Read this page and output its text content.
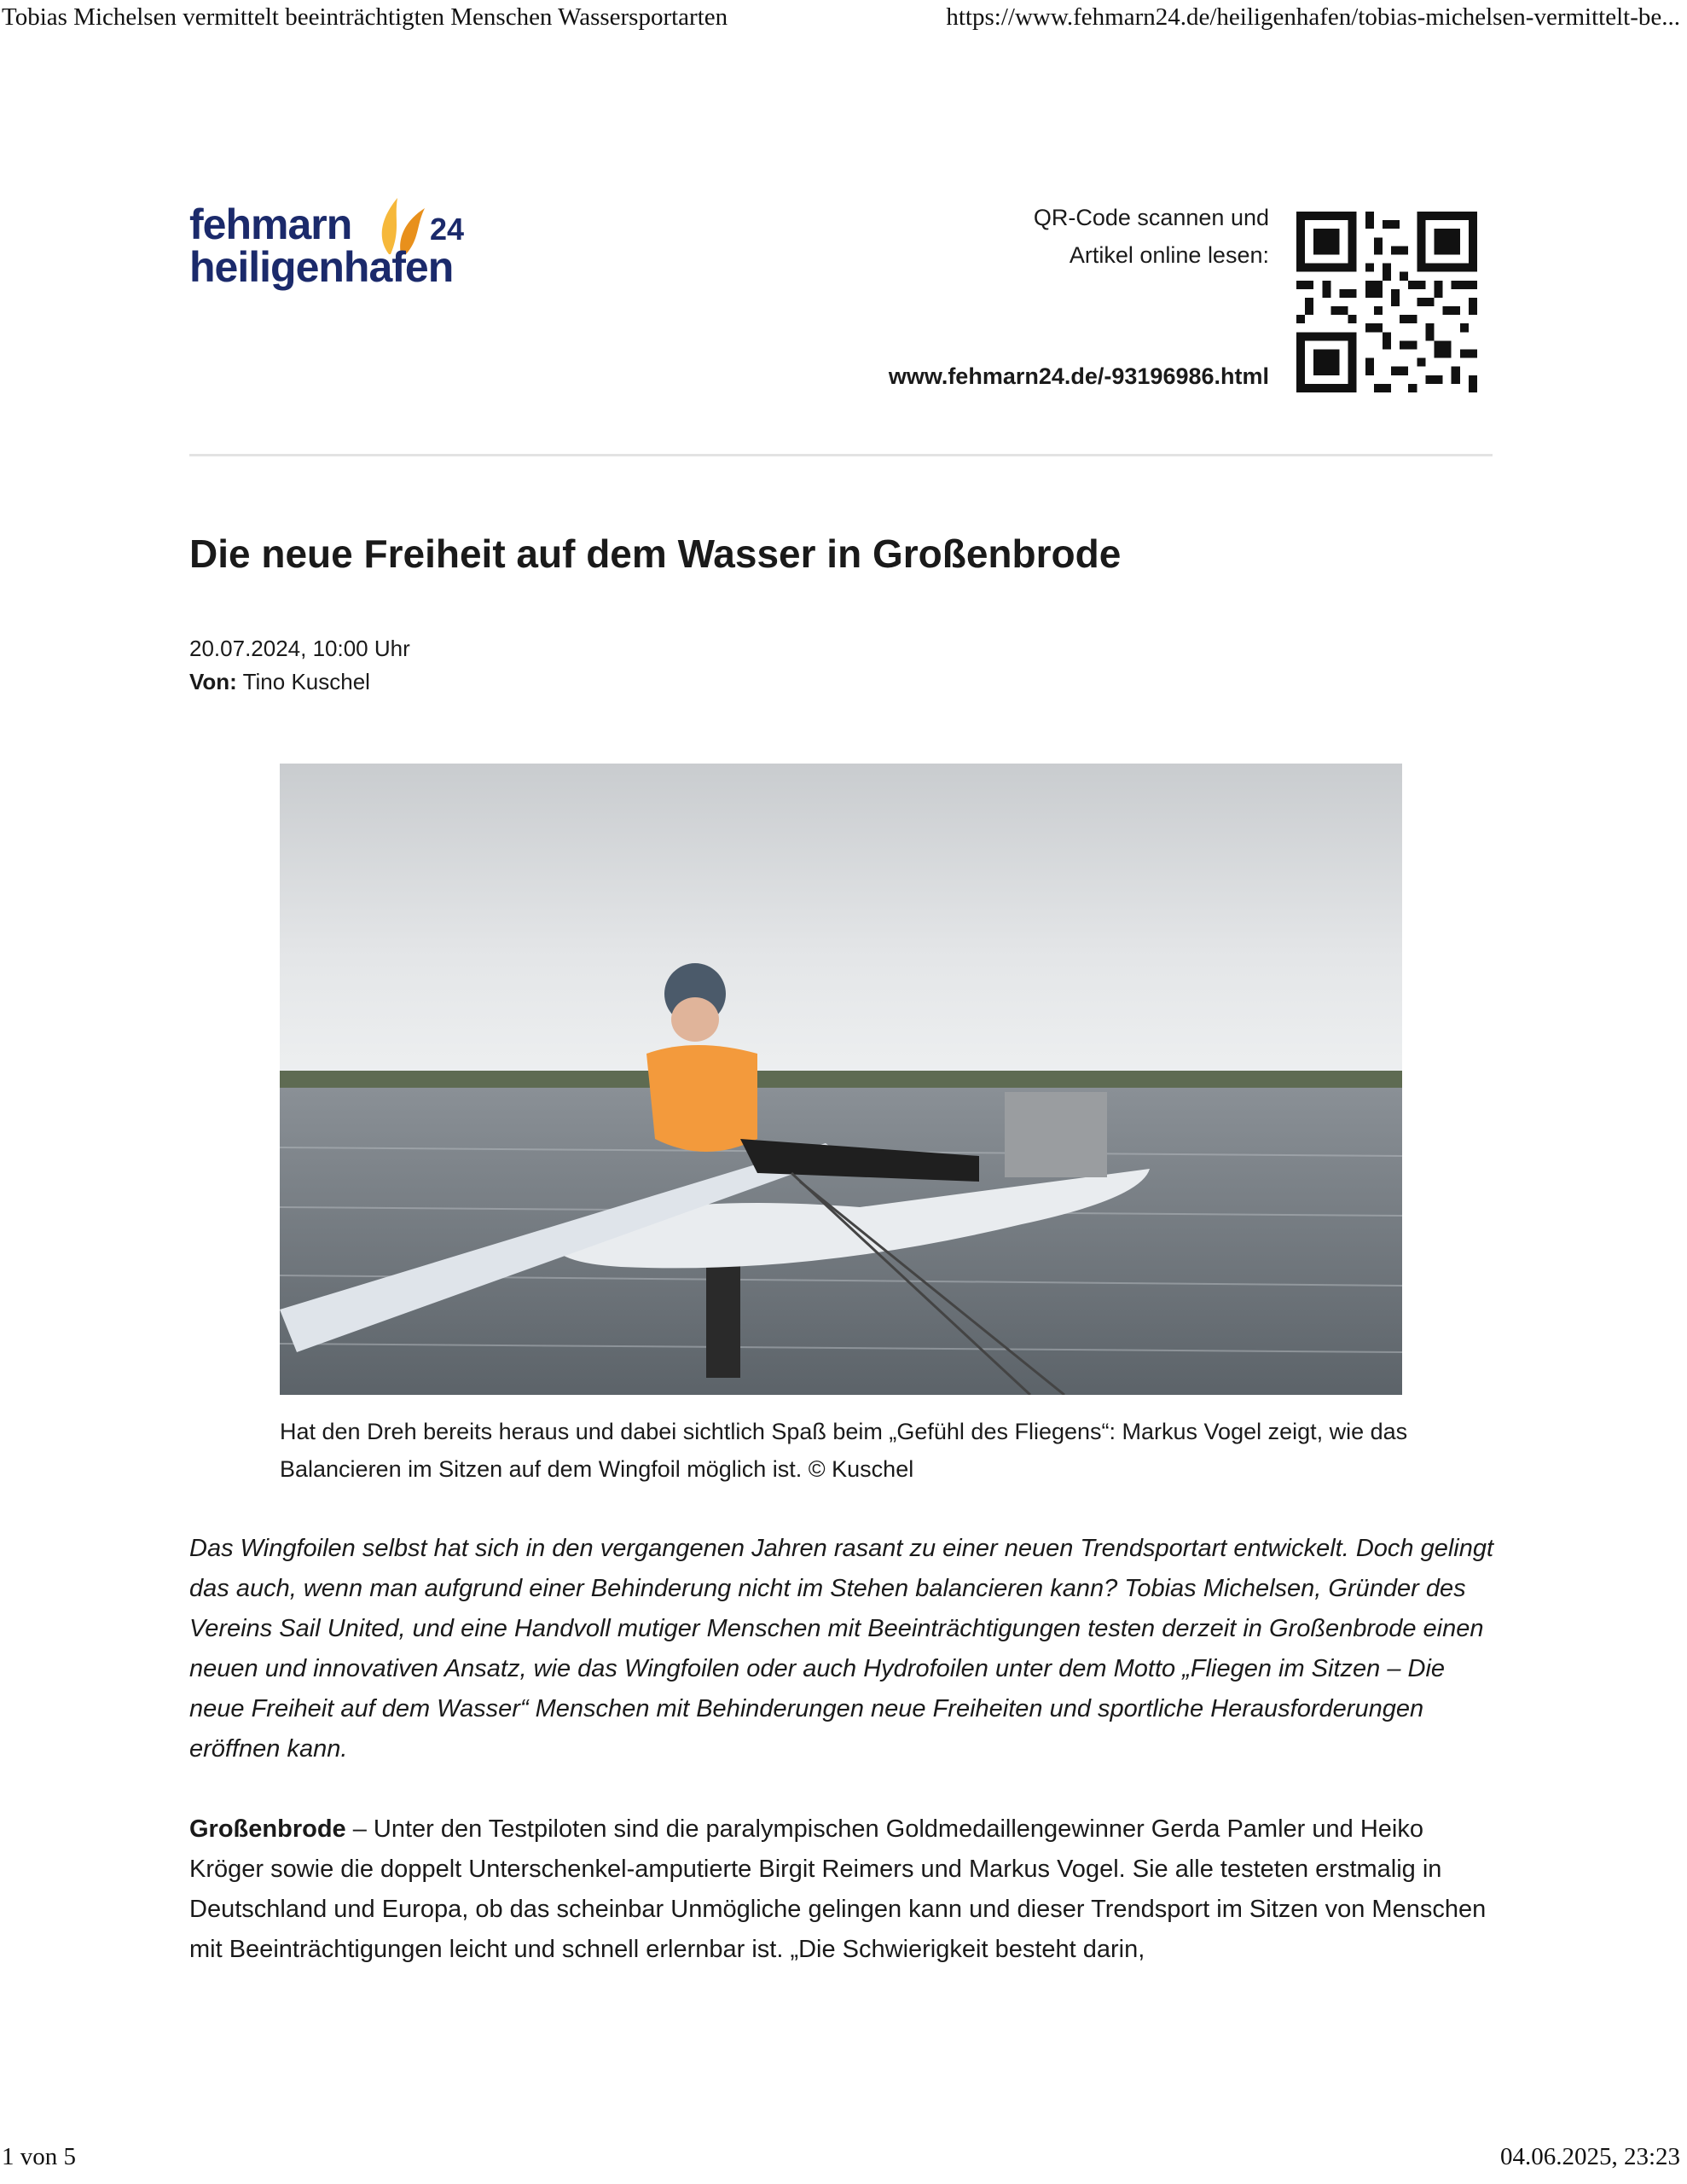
Tobias Michelsen vermittelt beeinträchtigten Menschen Wassersportarten	https://www.fehmarn24.de/heiligenhafen/tobias-michelsen-vermittelt-be...
fehmarn	24
heiligenhafen
QR-Code scannen und
Artikel online lesen:
www.fehmarn24.de/-93196986.html
Die neue Freiheit auf dem Wasser in Großenbrode
20.07.2024, 10:00 Uhr
Von: Tino Kuschel
Hat den Dreh bereits heraus und dabei sichtlich Spaß beim „Gefühl des Fliegens“: Markus Vogel zeigt, wie das Balancieren im Sitzen auf dem Wingfoil möglich ist. © Kuschel

Das Wingfoilen selbst hat sich in den vergangenen Jahren rasant zu einer neuen Trendsportart entwickelt. Doch gelingt das auch, wenn man aufgrund einer Behinderung nicht im Stehen balancieren kann? Tobias Michelsen, Gründer des Vereins Sail United, und eine Handvoll mutiger Menschen mit Beeinträchtigungen testen derzeit in Großenbrode einen neuen und innovativen Ansatz, wie das Wingfoilen oder auch Hydrofoilen unter dem Motto „Fliegen im Sitzen – Die neue Freiheit auf dem Wasser“ Menschen mit Behinderungen neue Freiheiten und sportliche Herausforderungen eröffnen kann.

Großenbrode – Unter den Testpiloten sind die paralympischen Goldmedaillengewinner Gerda Pamler und Heiko Kröger sowie die doppelt Unterschenkel-amputierte Birgit Reimers und Markus Vogel. Sie alle testeten erstmalig in Deutschland und Europa, ob das scheinbar Unmögliche gelingen kann und dieser Trendsport im Sitzen von Menschen mit Beeinträchtigungen leicht und schnell erlernbar ist. „Die Schwierigkeit besteht darin,

1 von 5	04.06.2025, 23:23
